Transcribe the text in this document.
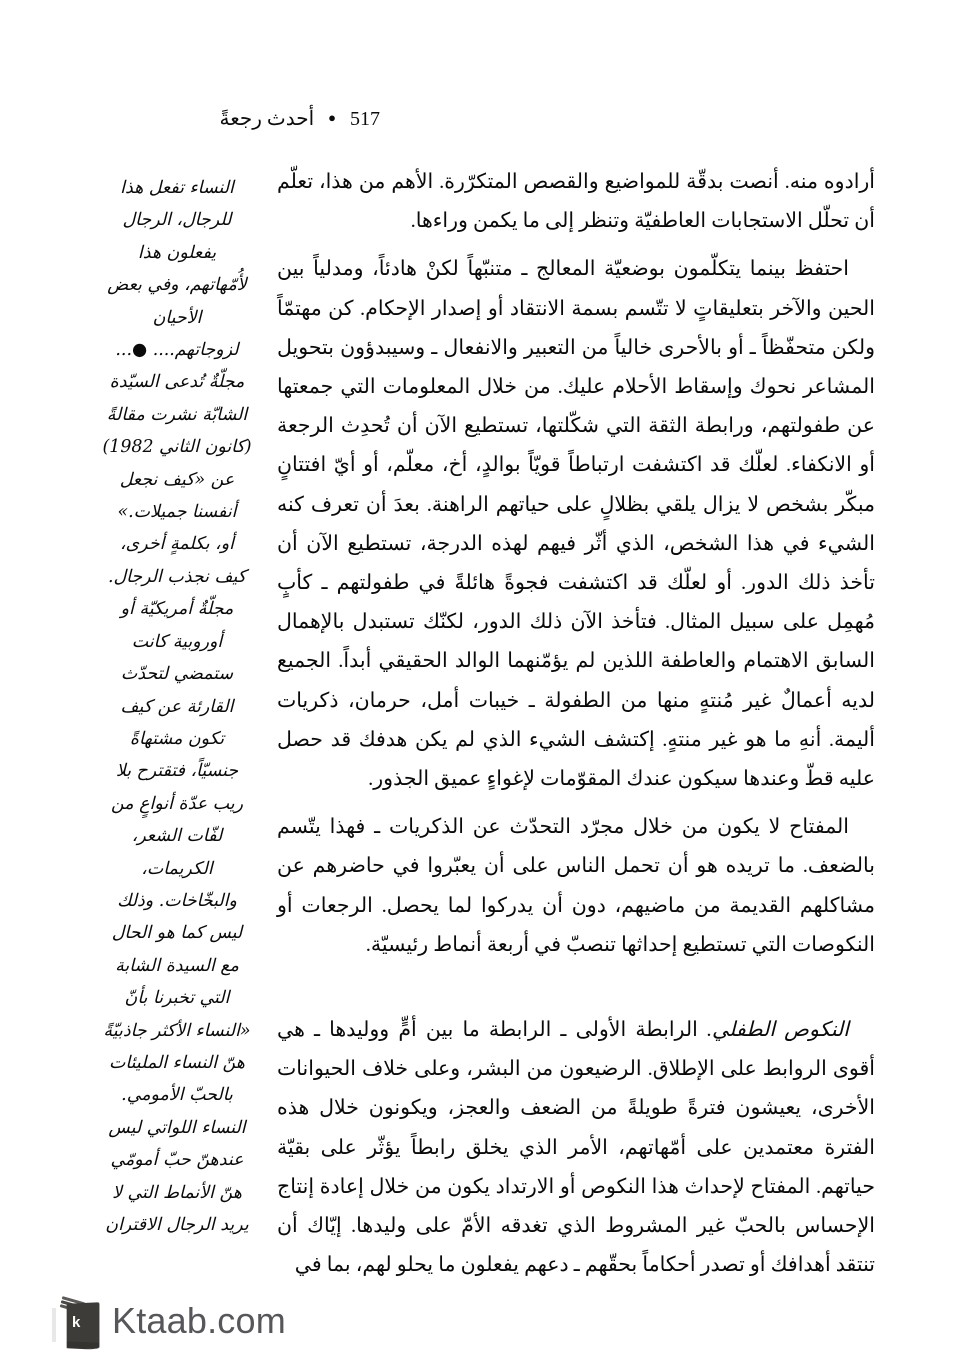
517 ● أحدث رجعةً

النساء تفعل هذا

للرجال، الرجال

يفعلون هذا

لأُمّهاتهم، وفي بعض

الأحيان

لزوجاتهم.... ●...

مجلّةٌ تُدعى السيّدة

الشابّة نشرت مقالةً

(كانون الثاني 1982)

عن «كيف نجعل

أنفسنا جميلات.»

أو، بكلمةٍ أخرى،

كيف نجذب الرجال.

مجلّةٌ أمريكيّة أو

أوروبية كانت

ستمضي لتحدّث

القارئة عن كيف

تكون مشتهاةً

جنسيّاً، فتقترح بلا

ريب عدّة أنواعٍ من

لفّات الشعر،

الكريمات،

والبخّاخات. وذلك

ليس كما هو الحال

مع السيدة الشابة

التي تخبرنا بأنّ

«النساء الأكثر جاذبيّةً

هنّ النساء المليئات

بالحبّ الأمومي.

النساء اللواتي ليس

عندهنّ حبّ أمومّي

هنّ الأنماط التي لا

يريد الرجال الاقتران

أرادوه منه. أنصت بدقّة للمواضيع والقصص المتكرّرة. الأهم من هذا، تعلّم أن تحلّل الاستجابات العاطفيّة وتنظر إلى ما يكمن وراءها.

احتفظ بينما يتكلّمون بوضعيّة المعالج ـ متنبّهاً لكنْ هادئاً، ومدلياً بين الحين والآخر بتعليقاتٍ لا تتّسم بسمة الانتقاد أو إصدار الإحكام. كن مهتمّاً ولكن متحفّظاً ـ أو بالأحرى خالياً من التعبير والانفعال ـ وسيبدؤون بتحويل المشاعر نحوك وإسقاط الأحلام عليك. من خلال المعلومات التي جمعتها عن طفولتهم، ورابطة الثقة التي شكّلتها، تستطيع الآن أن تُحدِث الرجعة أو الانكفاء. لعلّك قد اكتشفت ارتباطاً قويّاً بوالدٍ، أخ، معلّم، أو أيّ افتتانٍ مبكّر بشخص لا يزال يلقي بظلالٍ على حياتهم الراهنة. بعدَ أن تعرف كنه الشيء في هذا الشخص، الذي أثّر فيهم لهذه الدرجة، تستطيع الآن أن تأخذ ذلك الدور. أو لعلّك قد اكتشفت فجوةً هائلةً في طفولتهم ـ كأبٍ مُهمِل على سبيل المثال. فتأخذ الآن ذلك الدور، لكنّك تستبدل بالإهمال السابق الاهتمام والعاطفة اللذين لم يؤمّنهما الوالد الحقيقي أبداً. الجميع لديه أعمالٌ غير مُنتهٍ منها من الطفولة ـ خيبات أمل، حرمان، ذكريات أليمة. أنهِ ما هو غير منتهٍ. إكتشف الشيء الذي لم يكن هدفك قد حصل عليه قطّ وعندها سيكون عندك المقوّمات لإغواءٍ عميق الجذور.

المفتاح لا يكون من خلال مجرّد التحدّث عن الذكريات ـ فهذا يتّسم بالضعف. ما تريده هو أن تحمل الناس على أن يعبّروا في حاضرهم عن مشاكلهم القديمة من ماضيهم، دون أن يدركوا لما يحصل. الرجعات أو النكوصات التي تستطيع إحداثها تنصبّ في أربعة أنماط رئيسيّة.

النكوص الطفلي. الرابطة الأولى ـ الرابطة ما بين أمٍّ ووليدها ـ هي أقوى الروابط على الإطلاق. الرضيعون من البشر، وعلى خلاف الحيوانات الأخرى، يعيشون فترةً طويلةً من الضعف والعجز، ويكونون خلال هذه الفترة معتمدين على أمّهاتهم، الأمر الذي يخلق رابطاً يؤثّر على بقيّة حياتهم. المفتاح لإحداث هذا النكوص أو الارتداد يكون من خلال إعادة إنتاج الإحساس بالحبّ غير المشروط الذي تغدقه الأمّ على وليدها. إيّاك أن تنتقد أهدافك أو تصدر أحكاماً بحقّهم ـ دعهم يفعلون ما يحلو لهم، بما في

k Ktaab.com
